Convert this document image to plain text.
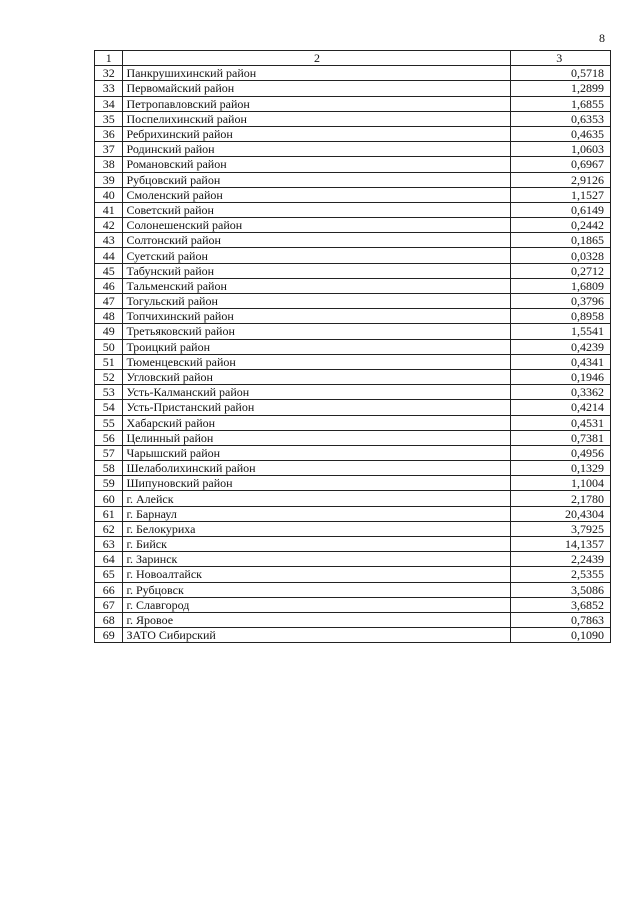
8
1	2	3
32	Панкрушихинский район	0,5718
33	Первомайский район	1,2899
34	Петропавловский район	1,6855
35	Поспелихинский район	0,6353
36	Ребрихинский район	0,4635
37	Родинский район	1,0603
38	Романовский район	0,6967
39	Рубцовский район	2,9126
40	Смоленский район	1,1527
41	Советский район	0,6149
42	Солонешенский район	0,2442
43	Солтонский район	0,1865
44	Суетский район	0,0328
45	Табунский район	0,2712
46	Тальменский район	1,6809
47	Тогульский район	0,3796
48	Топчихинский район	0,8958
49	Третьяковский район	1,5541
50	Троицкий район	0,4239
51	Тюменцевский район	0,4341
52	Угловский район	0,1946
53	Усть-Калманский район	0,3362
54	Усть-Пристанский район	0,4214
55	Хабарский район	0,4531
56	Целинный район	0,7381
57	Чарышский район	0,4956
58	Шелаболихинский район	0,1329
59	Шипуновский район	1,1004
60	г. Алейск	2,1780
61	г. Барнаул	20,4304
62	г. Белокуриха	3,7925
63	г. Бийск	14,1357
64	г. Заринск	2,2439
65	г. Новоалтайск	2,5355
66	г. Рубцовск	3,5086
67	г. Славгород	3,6852
68	г. Яровое	0,7863
69	ЗАТО Сибирский	0,1090
